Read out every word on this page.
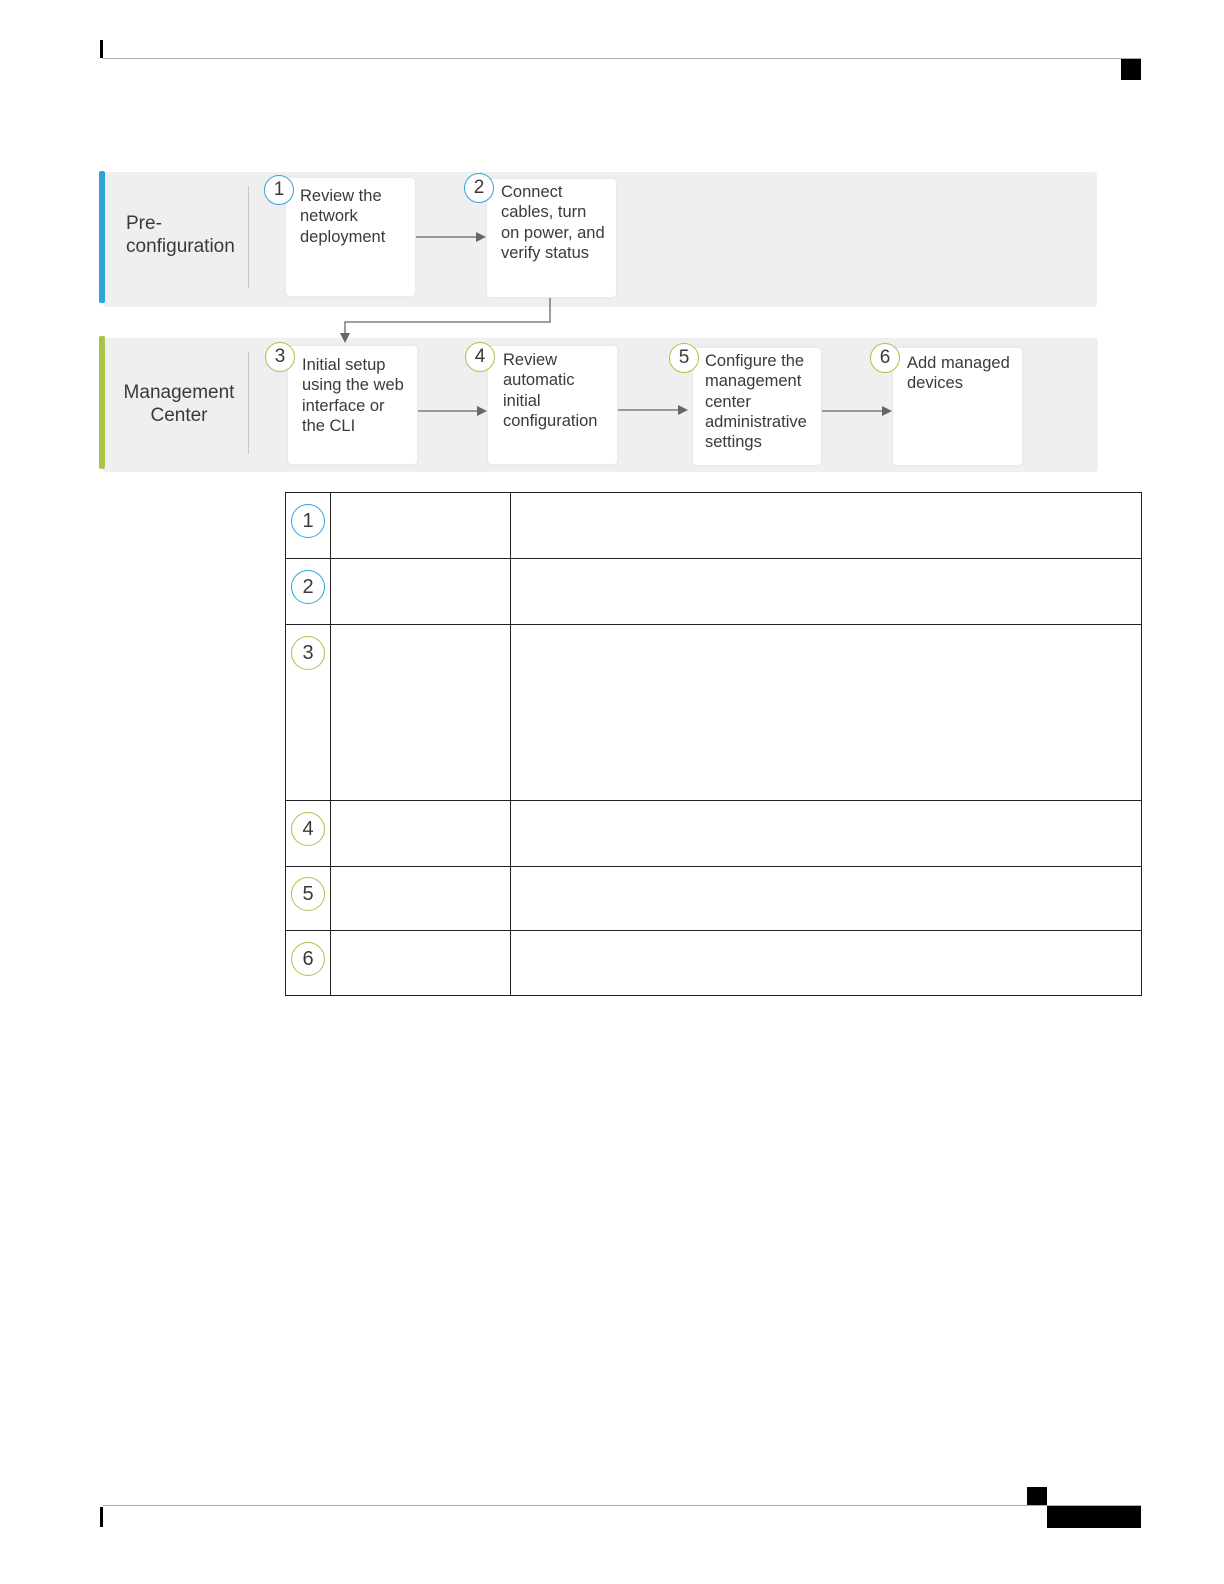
Pre-
configuration
Management
Center
Review the
network
deployment
Connect
cables, turn
on power, and
verify status
Initial setup
using the web
interface or
the CLI
Review
automatic
initial
configuration
Configure the
management
center
administrative
settings
Add managed
devices
1	2
3	4	5	6
1		

2		

3		

4		

5		

6		
